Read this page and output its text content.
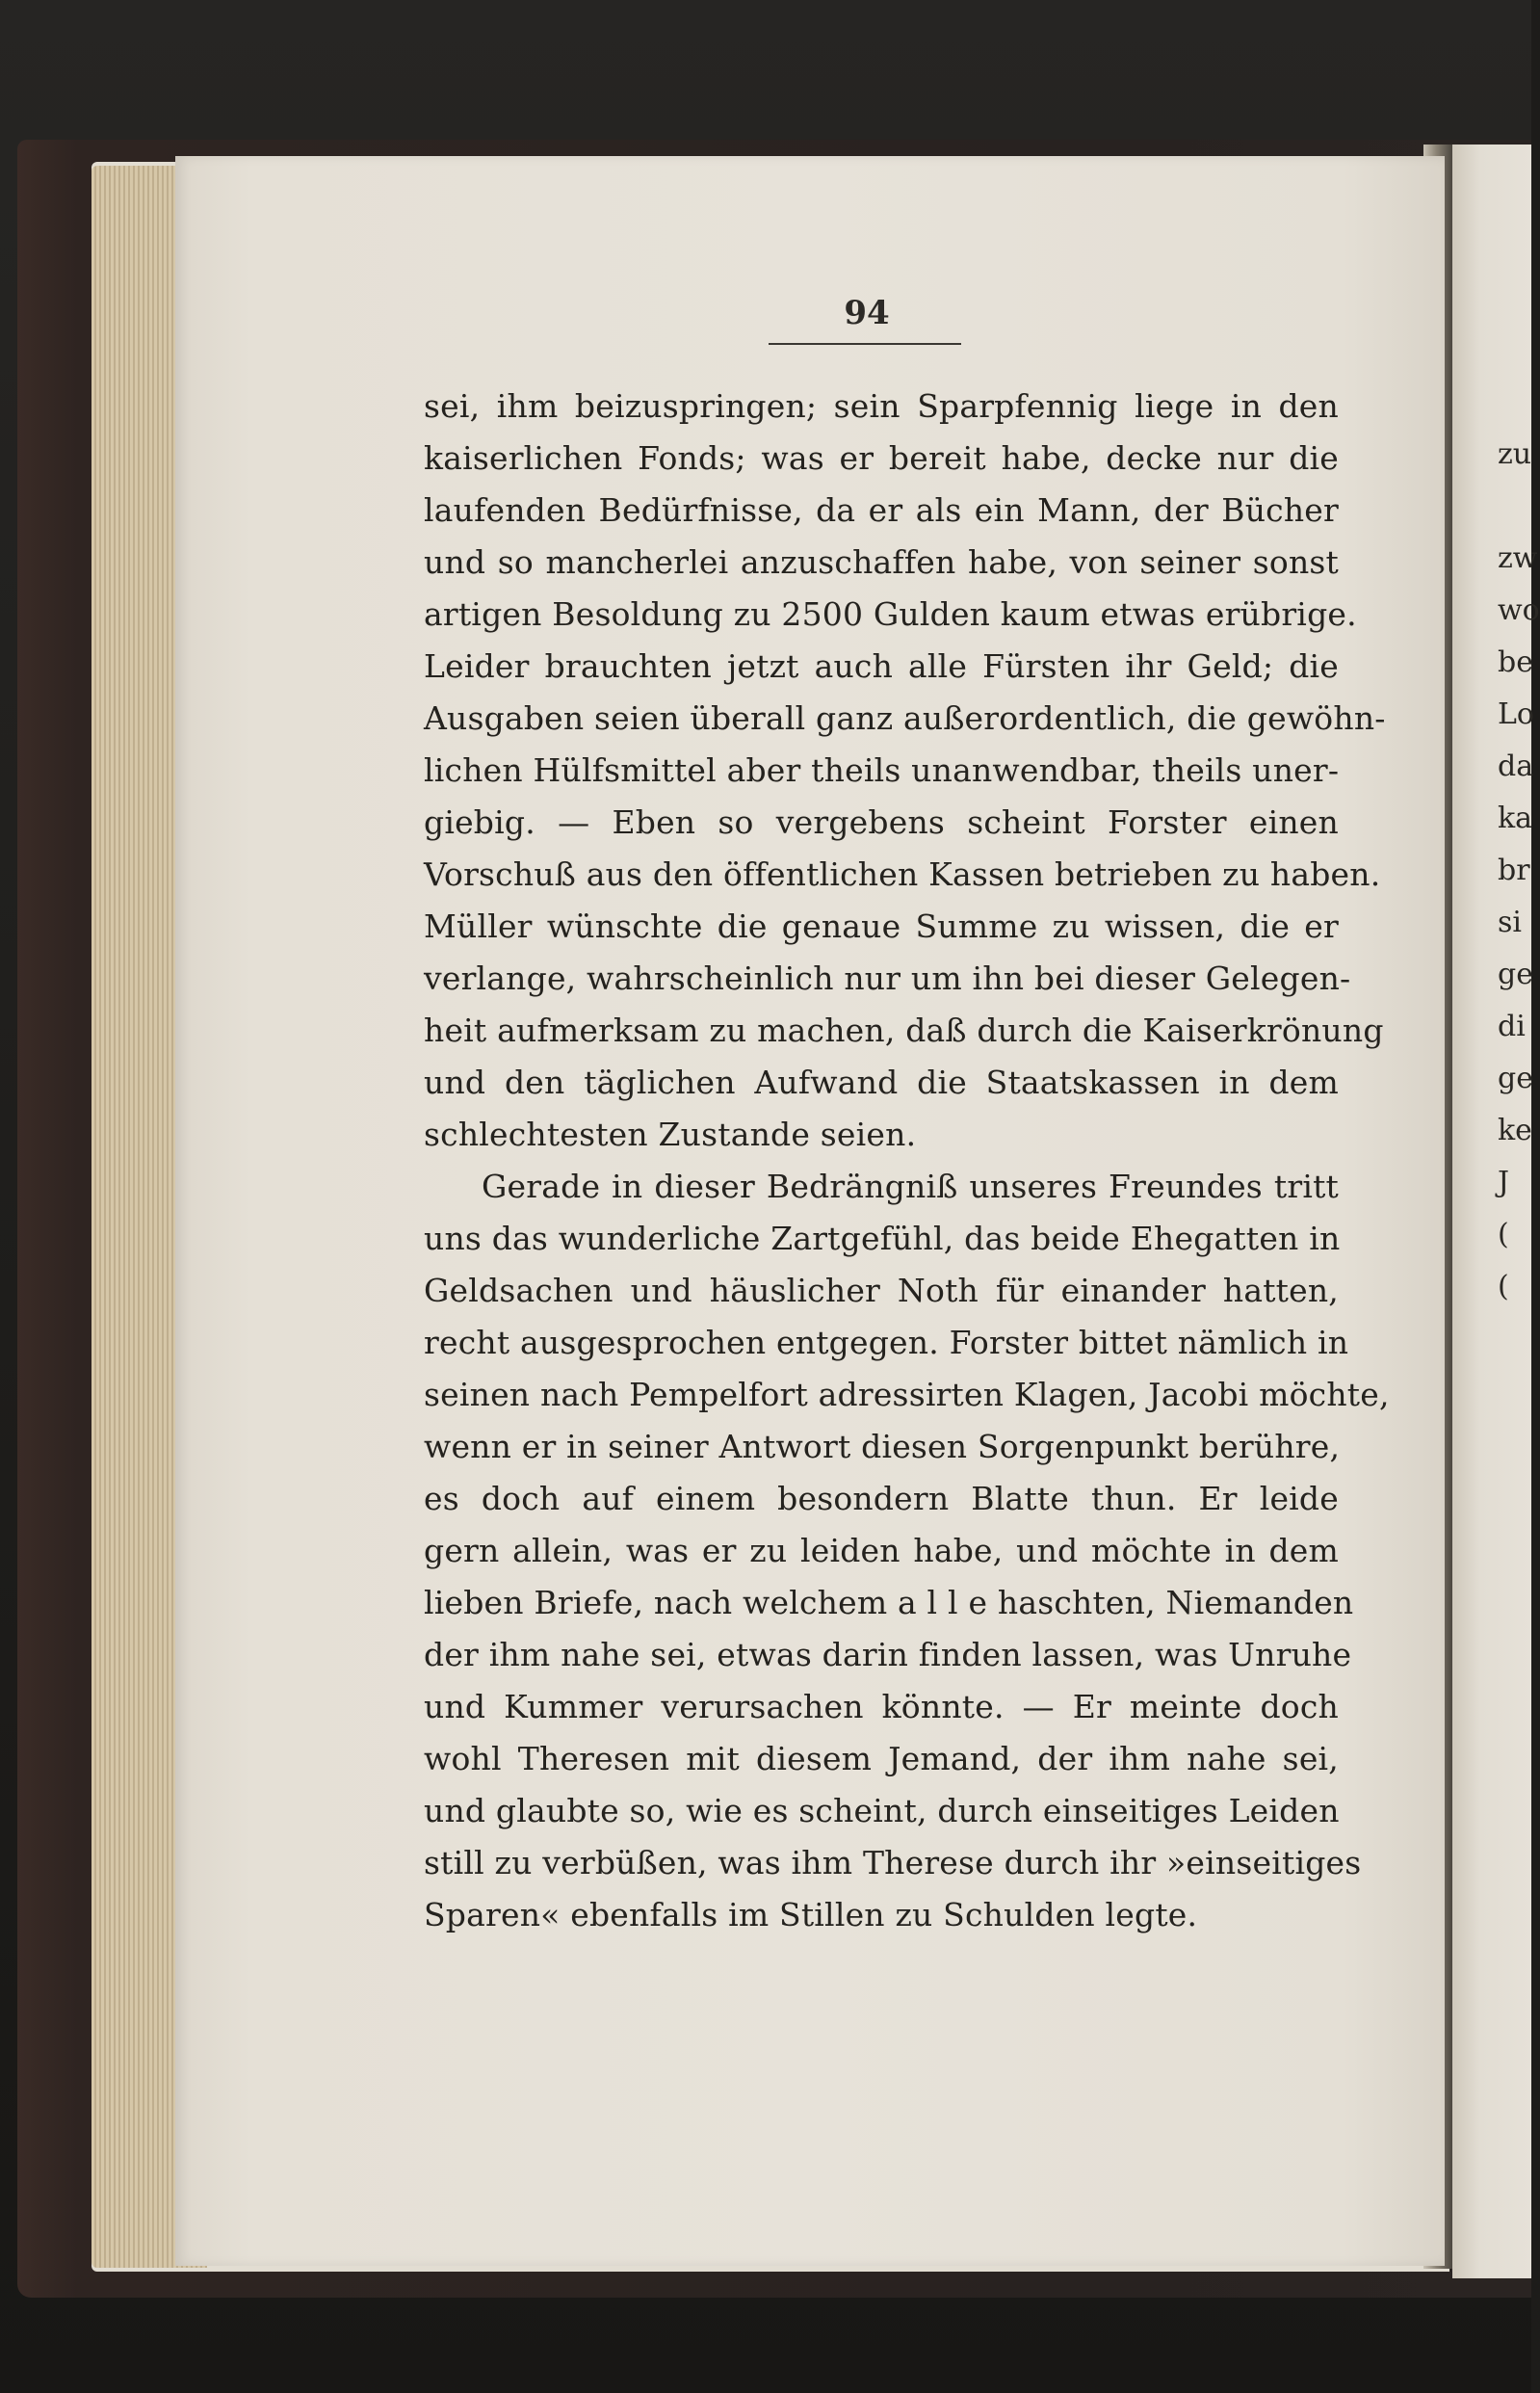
94
sei, ihm beizuspringen; sein Sparpfennig liege in den
kaiserlichen Fonds; was er bereit habe, decke nur die
laufenden Bedürfnisse, da er als ein Mann, der Bücher
und so mancherlei anzuschaffen habe, von seiner sonst
artigen Besoldung zu 2500 Gulden kaum etwas erübrige.
Leider brauchten jetzt auch alle Fürsten ihr Geld; die
Ausgaben seien überall ganz außerordentlich, die gewöhn-
lichen Hülfsmittel aber theils unanwendbar, theils uner-
giebig. — Eben so vergebens scheint Forster einen
Vorschuß aus den öffentlichen Kassen betrieben zu haben.
Müller wünschte die genaue Summe zu wissen, die er
verlange, wahrscheinlich nur um ihn bei dieser Gelegen-
heit aufmerksam zu machen, daß durch die Kaiserkrönung
und den täglichen Aufwand die Staatskassen in dem
schlechtesten Zustande seien.
Gerade in dieser Bedrängniß unseres Freundes tritt
uns das wunderliche Zartgefühl, das beide Ehegatten in
Geldsachen und häuslicher Noth für einander hatten,
recht ausgesprochen entgegen. Forster bittet nämlich in
seinen nach Pempelfort adressirten Klagen, Jacobi möchte,
wenn er in seiner Antwort diesen Sorgenpunkt berühre,
es doch auf einem besondern Blatte thun. Er leide
gern allein, was er zu leiden habe, und möchte in dem
lieben Briefe, nach welchem a l l e haschten, Niemanden
der ihm nahe sei, etwas darin finden lassen, was Unruhe
und Kummer verursachen könnte. — Er meinte doch
wohl Theresen mit diesem Jemand, der ihm nahe sei,
und glaubte so, wie es scheint, durch einseitiges Leiden
still zu verbüßen, was ihm Therese durch ihr »einseitiges
Sparen« ebenfalls im Stillen zu Schulden legte.
zu
zw
wo
be
Lo
da
ka
br
si
ge
di
ge
ke
J
(
(
